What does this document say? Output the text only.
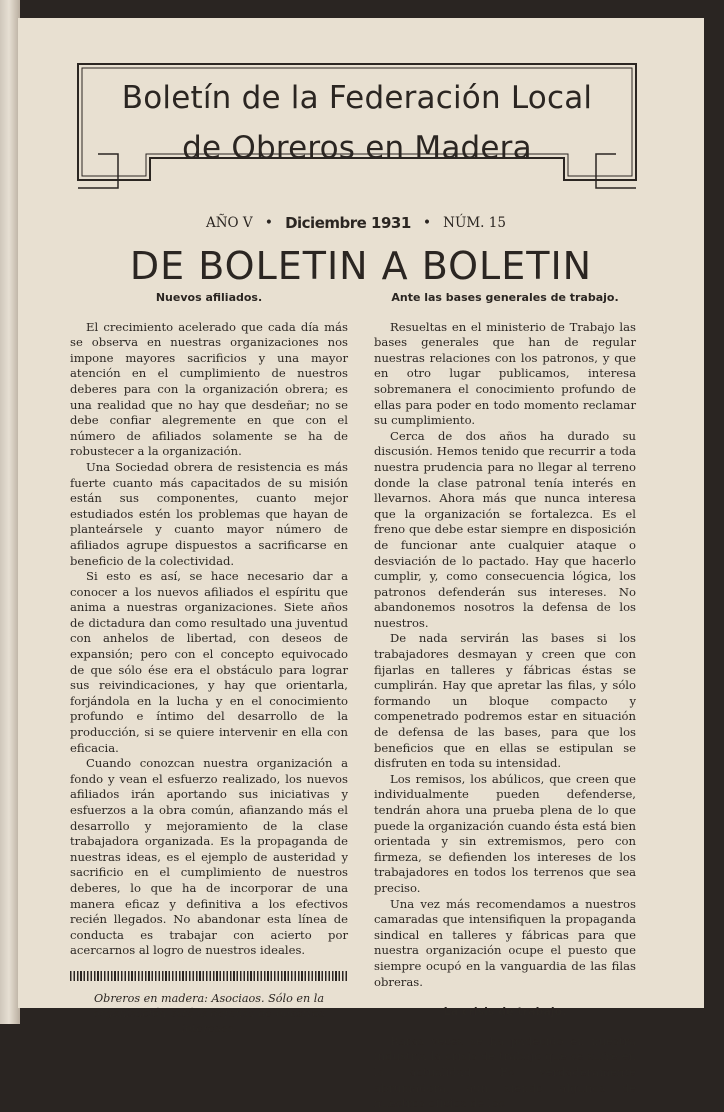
Boletín de la Federación Local
de Obreros en Madera
AÑO V • Diciembre 1931 • NÚM. 15
DE BOLETIN A BOLETIN
Nuevos afiliados.

El crecimiento acelerado que cada día más se observa en nuestras organizaciones nos impone mayores sacrificios y una mayor atención en el cumplimiento de nuestros deberes para con la organización obrera; es una realidad que no hay que desdeñar; no se debe confiar alegremente en que con el número de afiliados solamente se ha de robustecer a la organización.

Una Sociedad obrera de resistencia es más fuerte cuanto más capacitados de su misión están sus componentes, cuanto mejor estudiados estén los problemas que hayan de planteársele y cuanto mayor número de afiliados agrupe dispuestos a sacrificarse en beneficio de la colectividad.

Si esto es así, se hace necesario dar a conocer a los nuevos afiliados el espíritu que anima a nuestras organizaciones. Siete años de dictadura dan como resultado una juventud con anhelos de libertad, con deseos de expansión; pero con el concepto equivocado de que sólo ése era el obstáculo para lograr sus reivindicaciones, y hay que orientarla, forjándola en la lucha y en el conocimiento profundo e íntimo del desarrollo de la producción, si se quiere intervenir en ella con eficacia.

Cuando conozcan nuestra organización a fondo y vean el esfuerzo realizado, los nuevos afiliados irán aportando sus iniciativas y esfuerzos a la obra común, afianzando más el desarrollo y mejoramiento de la clase trabajadora organizada. Es la propaganda de nuestras ideas, es el ejemplo de austeridad y sacrificio en el cumplimiento de nuestros deberes, lo que ha de incorporar de una manera eficaz y definitiva a los efectivos recién llegados. No abandonar esta línea de conducta es trabajar con acierto por acercarnos al logro de nuestros ideales.

Obreros en madera: Asociaos. Sólo en la organización está la defensa de nuestros intereses.
Ante las bases generales de trabajo.

Resueltas en el ministerio de Trabajo las bases generales que han de regular nuestras relaciones con los patronos, y que en otro lugar publicamos, interesa sobremanera el conocimiento profundo de ellas para poder en todo momento reclamar su cumplimiento.

Cerca de dos años ha durado su discusión. Hemos tenido que recurrir a toda nuestra prudencia para no llegar al terreno donde la clase patronal tenía interés en llevarnos. Ahora más que nunca interesa que la organización se fortalezca. Es el freno que debe estar siempre en disposición de funcionar ante cualquier ataque o desviación de lo pactado. Hay que hacerlo cumplir, y, como consecuencia lógica, los patronos defenderán sus intereses. No abandonemos nosotros la defensa de los nuestros.

De nada servirán las bases si los trabajadores desmayan y creen que con fijarlas en talleres y fábricas éstas se cumplirán. Hay que apretar las filas, y sólo formando un bloque compacto y compenetrado podremos estar en situación de defensa de las bases, para que los beneficios que en ellas se estipulan se disfruten en toda su intensidad.

Los remisos, los abúlicos, que creen que individualmente pueden defenderse, tendrán ahora una prueba plena de lo que puede la organización cuando ésta está bien orientada y sin extremismos, pero con firmeza, se defienden los intereses de los trabajadores en todos los terrenos que sea preciso.

Una vez más recomendamos a nuestros camaradas que intensifiquen la propaganda sindical en talleres y fábricas para que nuestra organización ocupe el puesto que siempre ocupó en la vanguardia de las filas obreras.

La crisis de trabajo.

Raras veces se ha padecido en nuestra industria la crisis de trabajo que se sufre en la actualidad. Es verdaderamente abrumadora; aun siendo algunos de nuestros oficios de los
